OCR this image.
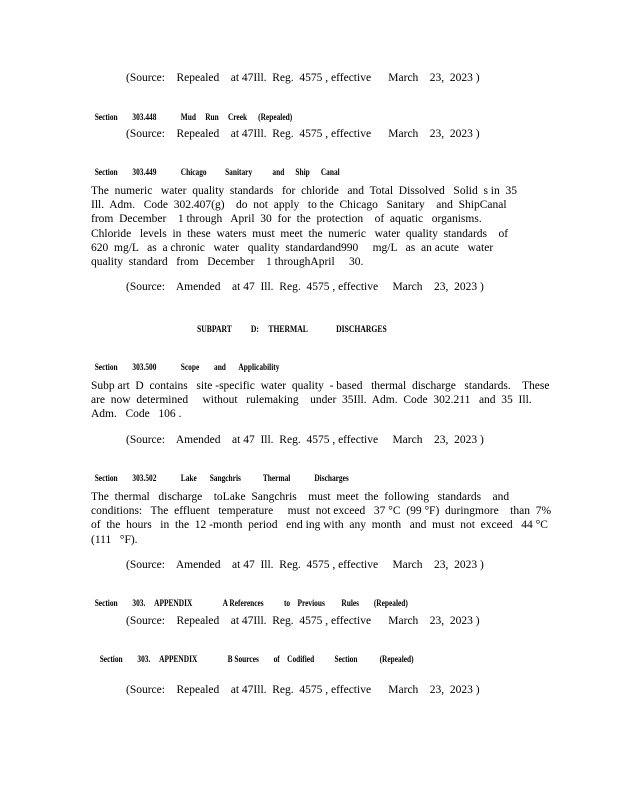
(Source:    Repealed    at 47Ill.  Reg.  4575 , effective      March    23,  2023 )

Section 303.448	Mud     Run     Creek      (Repealed)

(Source:    Repealed    at 47Ill.  Reg.  4575 , effective      March    23,  2023 )

Section 303.449	Chicago          Sanitary           and      Ship      Canal

The  numeric   water  quality  standards   for  chloride   and  Total  Dissolved   Solid  s in  35
Ill.  Adm.   Code  302.407(g)    do  not  apply   to the  Chicago   Sanitary    and  ShipCanal
from  December    1 through   April  30  for  the  protection    of  aquatic   organisms.
Chloride   levels  in  these  waters  must  meet  the  numeric   water  quality  standards    of
620  mg/L   as  a chronic   water   quality  standardand990     mg/L   as  an acute   water
quality  standard   from   December    1 throughApril     30.
(Source:    Amended    at 47  Ill.  Reg.  4575 , effective     March    23,  2023 )
SUBPART          D:     THERMAL               DISCHARGES

Section 303.500	Scope        and       Applicability

Subp art  D  contains   site -specific  water  quality  - based   thermal  discharge   standards.    These
are  now  determined     without   rulemaking    under  35Ill.  Adm.  Code  302.211   and  35  Ill.
Adm.   Code   106 .
(Source:    Amended    at 47  Ill.  Reg.  4575 , effective     March    23,  2023 )

Section 303.502	Lake       Sangchris            Thermal             Discharges

The  thermal   discharge    toLake  Sangchris    must  meet  the  following   standards    and
conditions:   The  effluent   temperature     must  not exceed   37 °C  (99 °F)  duringmore    than  7%
of  the  hours   in  the  12 -month  period   end ing with  any  month   and  must  not  exceed   44 °C
(111   °F).
(Source:    Amended    at 47  Ill.  Reg.  4575 , effective     March    23,  2023 )

Section 303.     APPENDIX	A References           to    Previous         Rules        (Repealed)

(Source:    Repealed    at 47Ill.  Reg.  4575 , effective      March    23,  2023 )

Section 303.     APPENDIX	B Sources        of    Codified           Section            (Repealed)

(Source:    Repealed    at 47Ill.  Reg.  4575 , effective      March    23,  2023 )
